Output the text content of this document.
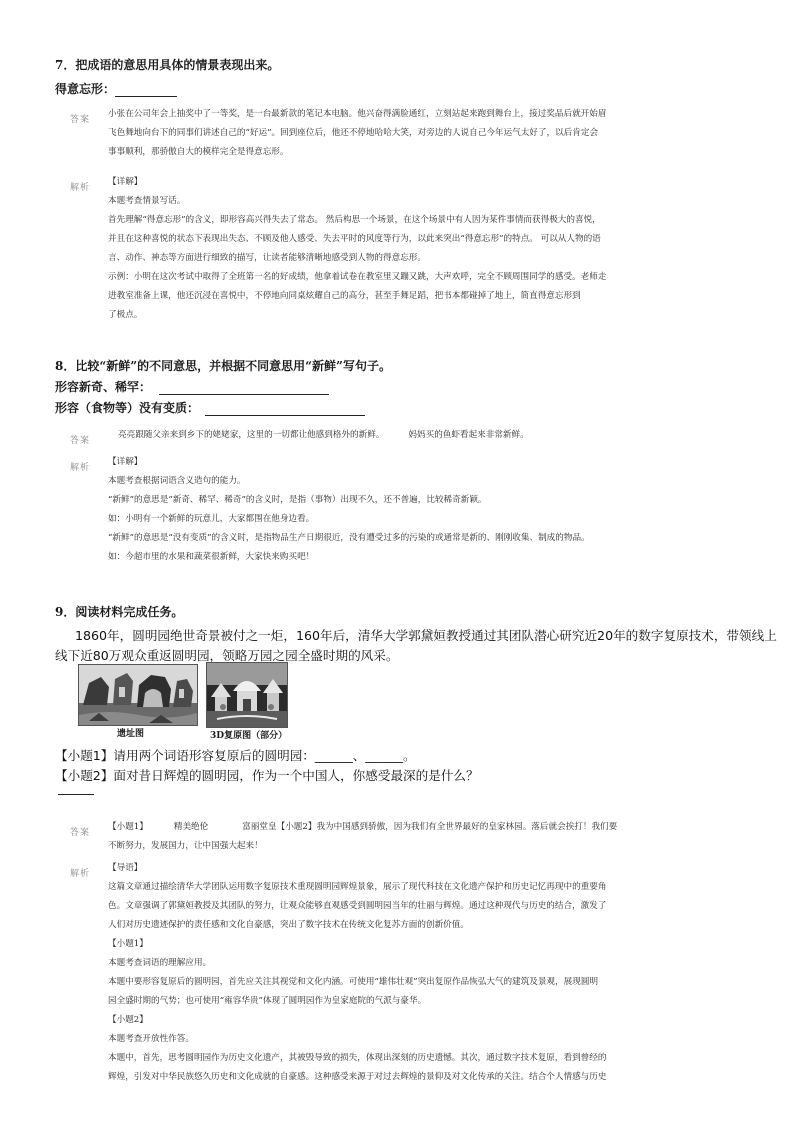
7．把成语的意思用具体的情景表现出来。
得意忘形：
答案
小张在公司年会上抽奖中了一等奖，是一台最新款的笔记本电脑。他兴奋得满脸通红，立刻站起来跑到舞台上，接过奖品后就开始眉
飞色舞地向台下的同事们讲述自己的“好运”。回到座位后，他还不停地哈哈大笑，对旁边的人说自己今年运气太好了，以后肯定会
事事顺利，那骄傲自大的模样完全是得意忘形。
解析
【详解】
本题考查情景写话。
首先理解“得意忘形”的含义，即形容高兴得失去了常态。 然后构思一个场景，在这个场景中有人因为某件事情而获得极大的喜悦，
并且在这种喜悦的状态下表现出失态、不顾及他人感受、失去平时的风度等行为，以此来突出“得意忘形”的特点。 可以从人物的语
言、动作、神态等方面进行细致的描写，让读者能够清晰地感受到人物的得意忘形。
示例：小明在这次考试中取得了全班第一名的好成绩，他拿着试卷在教室里又蹦又跳，大声欢呼，完全不顾周围同学的感受。老师走
进教室准备上课，他还沉浸在喜悦中，不停地向同桌炫耀自己的高分，甚至手舞足蹈，把书本都碰掉了地上，简直得意忘形到
了极点。
8．比较“新鲜”的不同意思，并根据不同意思用“新鲜”写句子。
形容新奇、稀罕：
形容（食物等）没有变质：
答案
亮亮跟随父亲来到乡下的姥姥家，这里的一切都让他感到格外的新鲜。	妈妈买的鱼虾看起来非常新鲜。
解析
【详解】
本题考查根据词语含义造句的能力。
“新鲜”的意思是“新奇、稀罕、稀奇”的含义时，是指（事物）出现不久，还不普遍，比较稀奇新颖。
如：小明有一个新鲜的玩意儿，大家都围在他身边看。
“新鲜”的意思是“没有变质”的含义时，是指物品生产日期很近，没有遭受过多的污染的或通常是新的、刚刚收集、制成的物品。
如：今超市里的水果和蔬菜很新鲜，大家快来购买吧！
9．阅读材料完成任务。
1860年，圆明园绝世奇景被付之一炬，160年后，清华大学郭黛姮教授通过其团队潜心研究近20年的数字复原技术，带领线上
线下近80万观众重返圆明园，领略万园之园全盛时期的风采。
遗址图	3D复原图（部分）
【小题1】请用两个词语形容复原后的圆明园：______、______。
【小题2】面对昔日辉煌的圆明园，作为一个中国人，你感受最深的是什么？
答案
【小题1】	精美绝伦	富丽堂皇【小题2】我为中国感到骄傲，因为我们有全世界最好的皇家林园。落后就会挨打！我们要
不断努力，发展国力，让中国强大起来！
解析
【导语】
这篇文章通过描绘清华大学团队运用数字复原技术重现圆明园辉煌景象，展示了现代科技在文化遗产保护和历史记忆再现中的重要角
色。文章强调了郭黛姮教授及其团队的努力，让观众能够直观感受到圆明园当年的壮丽与辉煌。通过这种现代与历史的结合，激发了
人们对历史遗迹保护的责任感和文化自豪感，突出了数字技术在传统文化复苏方面的创新价值。
【小题1】
本题考查词语的理解应用。
本题中要形容复原后的圆明园，首先应关注其视觉和文化内涵。可使用“雄伟壮观”突出复原作品恢弘大气的建筑及景观，展现圆明
园全盛时期的气势；也可使用“雍容华贵”体现了圆明园作为皇家庭院的气派与豪华。
【小题2】
本题考查开放性作答。
本题中，首先，思考圆明园作为历史文化遗产，其被毁导致的损失，体现出深刻的历史遗憾。其次，通过数字技术复原，看到曾经的
辉煌，引发对中华民族悠久历史和文化成就的自豪感。这种感受来源于对过去辉煌的景仰及对文化传承的关注。结合个人情感与历史
